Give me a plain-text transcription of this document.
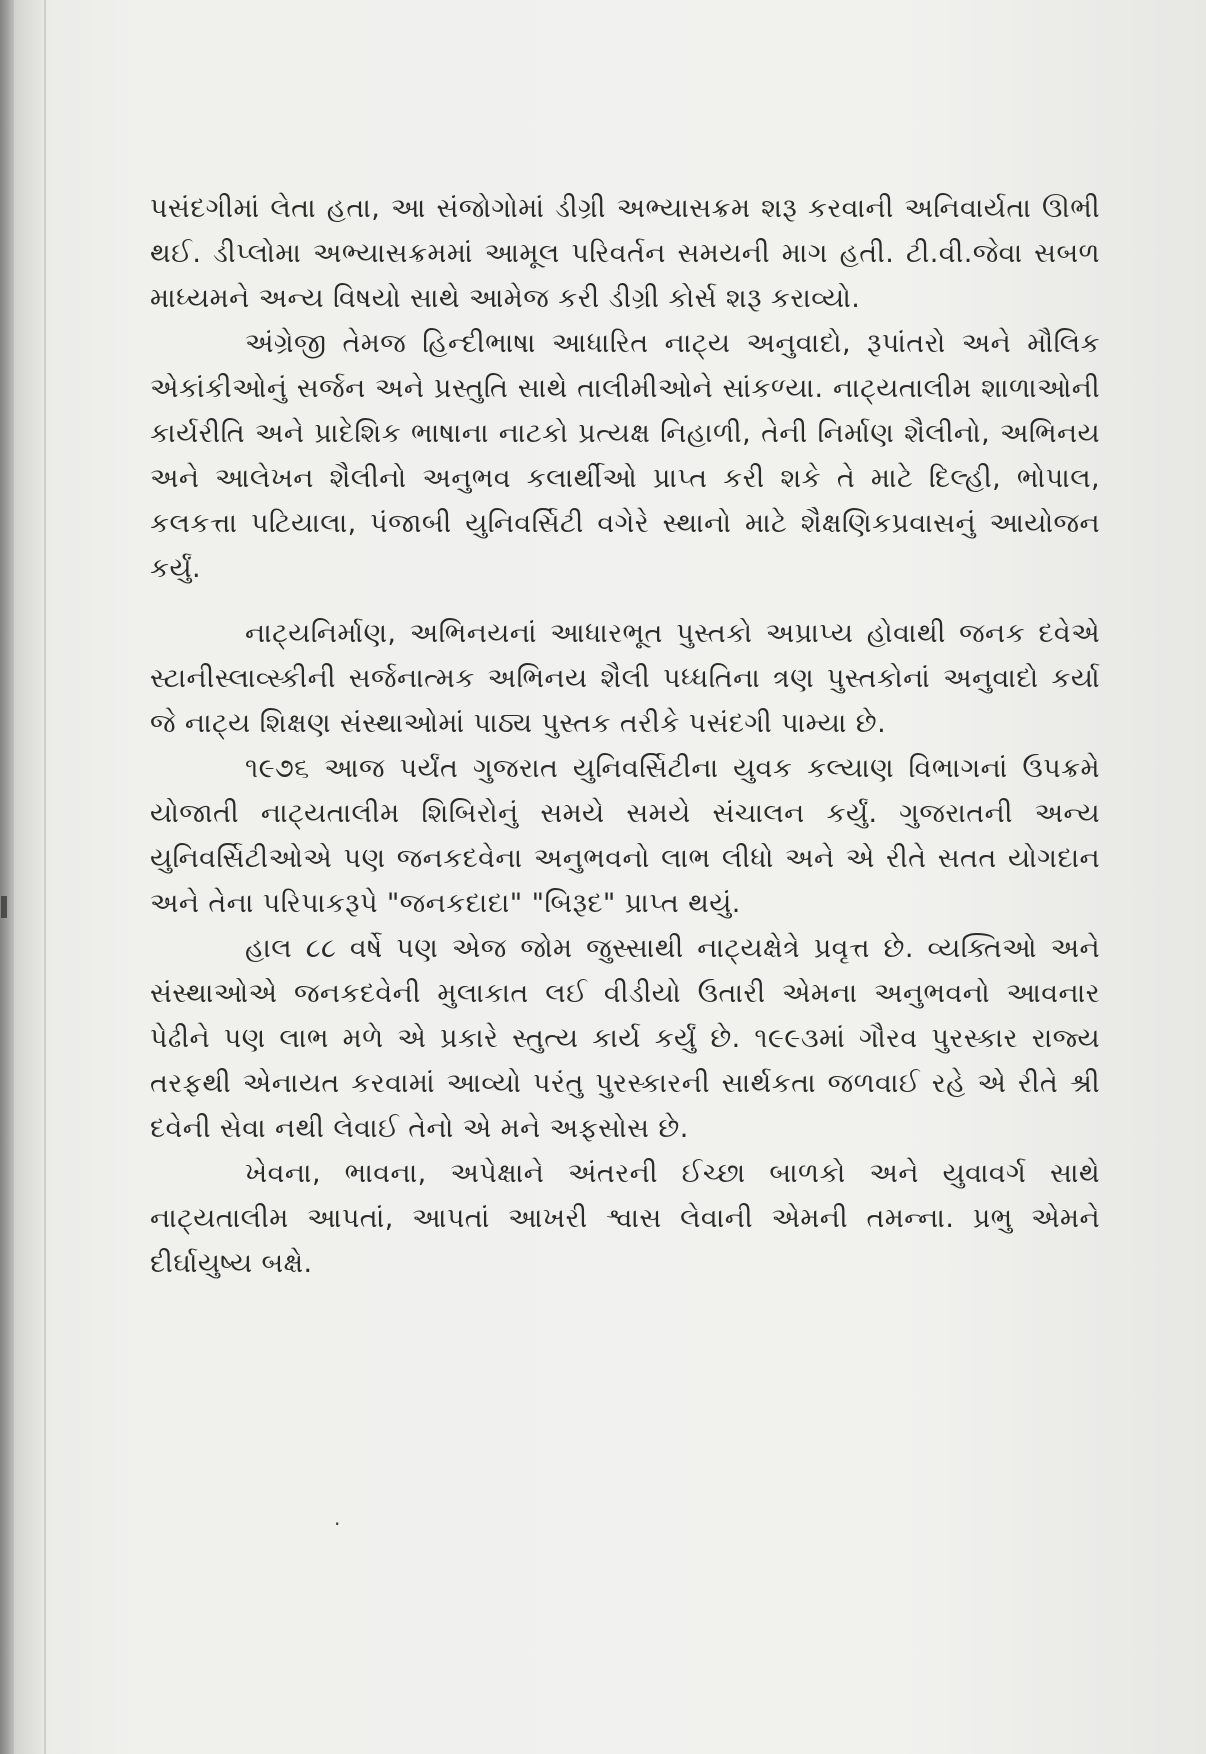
પસંદગીમાં લેતા હતા, આ સંજોગોમાં ડીગ્રી અભ્યાસક્રમ શરૂ કરવાની અનિવાર્યતા ઊભી થઈ. ડીપ્લોમા અભ્યાસક્રમમાં આમૂલ પરિવર્તન સમયની માગ હતી. ટી.વી.જેવા સબળ માધ્યમને અન્ય વિષયો સાથે આમેજ કરી ડીગ્રી કોર્સ શરૂ કરાવ્યો.

અંગ્રેજી તેમજ હિન્દીભાષા આધારિત નાટ્ય અનુવાદો, રૂપાંતરો અને મૌલિક એકાંકીઓનું સર્જન અને પ્રસ્તુતિ સાથે તાલીમીઓને સાંકળ્યા. નાટ્યતાલીમ શાળાઓની કાર્યરીતિ અને પ્રાદેશિક ભાષાના નાટકો પ્રત્યક્ષ નિહાળી, તેની નિર્માણ શૈલીનો, અભિનય અને આલેખન શૈલીનો અનુભવ કલાર્થીઓ પ્રાપ્ત કરી શકે તે માટે દિલ્હી, ભોપાલ, કલકત્તા પટિયાલા, પંજાબી યુનિવર્સિટી વગેરે સ્થાનો માટે શૈક્ષણિકપ્રવાસનું આયોજન કર્યું.

નાટ્યનિર્માણ, અભિનયનાં આધારભૂત પુસ્તકો અપ્રાપ્ય હોવાથી જનક દવેએ સ્ટાનીસ્લાવ્સ્કીની સર્જનાત્મક અભિનય શૈલી પધ્ધતિના ત્રણ પુસ્તકોનાં અનુવાદો કર્યા જે નાટ્ય શિક્ષણ સંસ્થાઓમાં પાઠ્ય પુસ્તક તરીકે પસંદગી પામ્યા છે.

૧૯૭૬ આજ પર્યંત ગુજરાત યુનિવર્સિટીના યુવક કલ્યાણ વિભાગનાં ઉપક્રમે યોજાતી નાટ્યતાલીમ શિબિરોનું સમયે સમયે સંચાલન કર્યું. ગુજરાતની અન્ય યુનિવર્સિટીઓએ પણ જનકદવેના અનુભવનો લાભ લીધો અને એ રીતે સતત યોગદાન અને તેના પરિપાકરૂપે "જનકદાદા" "બિરૂદ" પ્રાપ્ત થયું.

હાલ ૮૮ વર્ષે પણ એજ જોમ જુસ્સાથી નાટ્યક્ષેત્રે પ્રવૃત્ત છે. વ્યક્તિઓ અને સંસ્થાઓએ જનકદવેની મુલાકાત લઈ વીડીયો ઉતારી એમના અનુભવનો આવનાર પેઢીને પણ લાભ મળે એ પ્રકારે સ્તુત્ય કાર્ય કર્યું છે. ૧૯૯૩માં ગૌરવ પુરસ્કાર રાજ્ય તરફથી એનાયત કરવામાં આવ્યો પરંતુ પુરસ્કારની સાર્થકતા જળવાઈ રહે એ રીતે શ્રી દવેની સેવા નથી લેવાઈ તેનો એ મને અફસોસ છે.

ખેવના, ભાવના, અપેક્ષાને અંતરની ઈચ્છા બાળકો અને યુવાવર્ગ સાથે નાટ્યતાલીમ આપતાં, આપતાં આખરી શ્વાસ લેવાની એમની તમન્ના. પ્રભુ એમને દીર્ઘાયુષ્ય બક્ષે.

·
